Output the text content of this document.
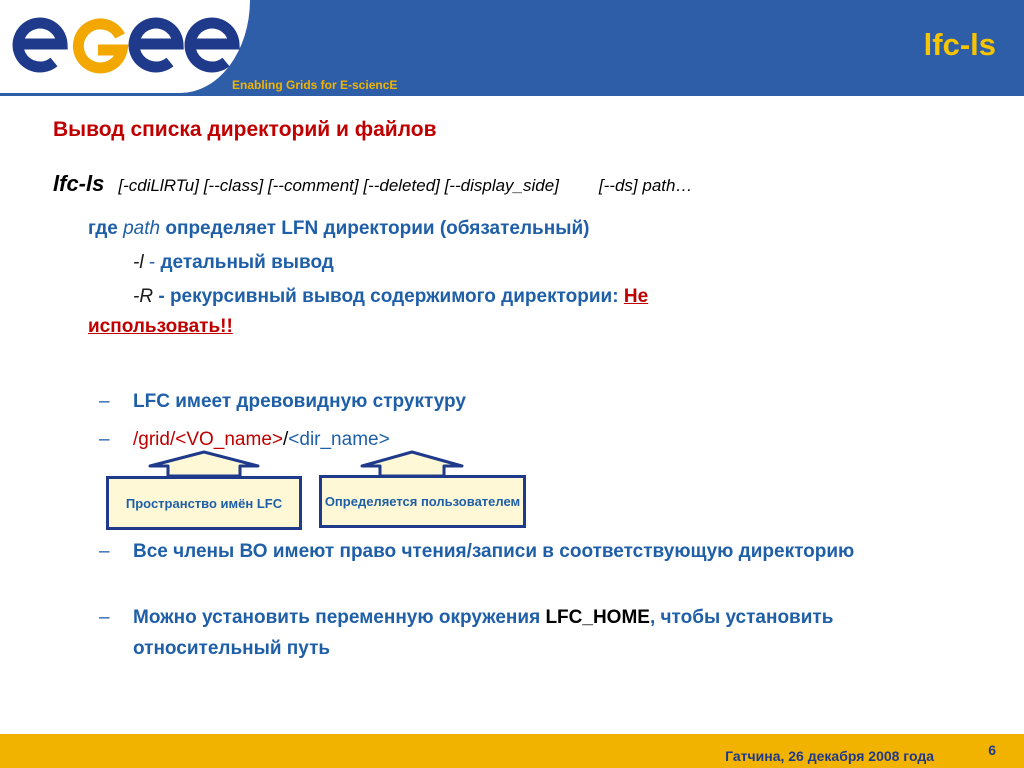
Enabling Grids for E-sciencE
lfc-ls
Вывод списка директорий и файлов
lfc-ls [-cdiLlRTu] [--class] [--comment] [--deleted] [--display_side] [--ds] path…
где path определяет LFN директории (обязательный)
-l - детальный вывод
-R - рекурсивный вывод содержимого директории: Не
использовать!!
– LFC имеет древовидную структуру
– /grid/<VO_name>/<dir_name>
Пространство имён LFC	Определяется пользователем
– Все члены ВО имеют право чтения/записи в соответствующую директорию
– Можно установить переменную окружения LFC_HOME, чтобы установить относительный путь
Гатчина, 26 декабря 2008 года	6
